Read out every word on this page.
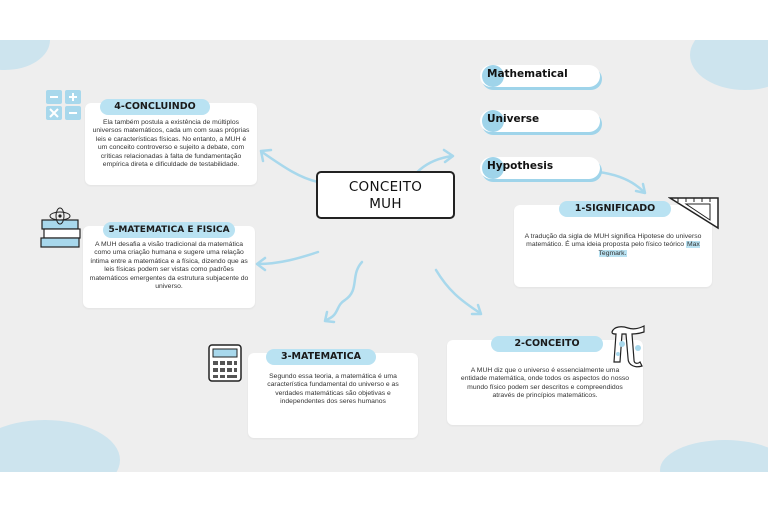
CONCEITO
MUH
Mathematical
Universe
Hypothesis
A tradução da sigla de MUH significa Hipotese do universo matemático. É uma ideia proposta pelo físico teórico Max Tegmark.
1-SIGNIFICADO
A MUH diz que o universo é essencialmente uma entidade matemática, onde todos os aspectos do nosso mundo físico podem ser descritos e compreendidos através de princípios matemáticos.
2-CONCEITO
Segundo essa teoria, a matemática é uma característica fundamental do universo e as verdades matemáticas são objetivas e independentes dos seres humanos
3-MATEMATICA
Ela também postula a existência de múltiplos universos matemáticos, cada um com suas próprias leis e características físicas. No entanto, a MUH é um conceito controverso e sujeito a debate, com críticas relacionadas à falta de fundamentação empírica direta e dificuldade de testabilidade.
4-CONCLUINDO
A MUH desafia a visão tradicional da matemática como uma criação humana e sugere uma relação íntima entre a matemática e a física, dizendo que as leis físicas podem ser vistas como padrões matemáticos emergentes da estrutura subjacente do universo.
5-MATEMATICA E FISICA
